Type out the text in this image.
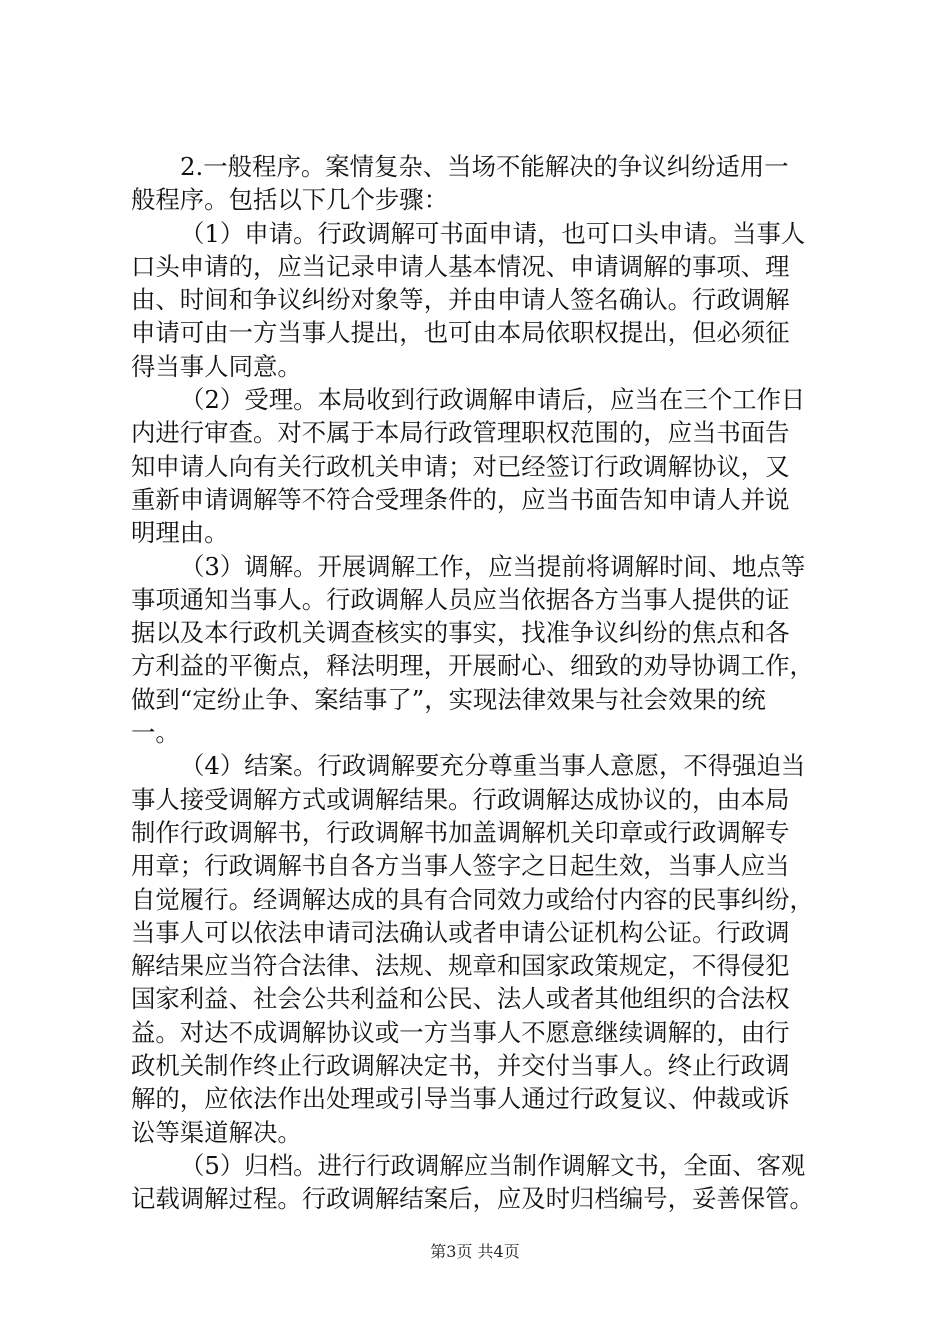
2.一般程序。案情复杂、当场不能解决的争议纠纷适用一
般程序。包括以下几个步骤：
（1）申请。行政调解可书面申请，也可口头申请。当事人
口头申请的，应当记录申请人基本情况、申请调解的事项、理
由、时间和争议纠纷对象等，并由申请人签名确认。行政调解
申请可由一方当事人提出，也可由本局依职权提出，但必须征
得当事人同意。
（2）受理。本局收到行政调解申请后，应当在三个工作日
内进行审查。对不属于本局行政管理职权范围的，应当书面告
知申请人向有关行政机关申请；对已经签订行政调解协议，又
重新申请调解等不符合受理条件的，应当书面告知申请人并说
明理由。
（3）调解。开展调解工作，应当提前将调解时间、地点等
事项通知当事人。行政调解人员应当依据各方当事人提供的证
据以及本行政机关调查核实的事实，找准争议纠纷的焦点和各
方利益的平衡点，释法明理，开展耐心、细致的劝导协调工作，
做到“定纷止争、案结事了”，实现法律效果与社会效果的统
一。
（4）结案。行政调解要充分尊重当事人意愿，不得强迫当
事人接受调解方式或调解结果。行政调解达成协议的，由本局
制作行政调解书，行政调解书加盖调解机关印章或行政调解专
用章；行政调解书自各方当事人签字之日起生效，当事人应当
自觉履行。经调解达成的具有合同效力或给付内容的民事纠纷，
当事人可以依法申请司法确认或者申请公证机构公证。行政调
解结果应当符合法律、法规、规章和国家政策规定，不得侵犯
国家利益、社会公共利益和公民、法人或者其他组织的合法权
益。对达不成调解协议或一方当事人不愿意继续调解的，由行
政机关制作终止行政调解决定书，并交付当事人。终止行政调
解的，应依法作出处理或引导当事人通过行政复议、仲裁或诉
讼等渠道解决。
（5）归档。进行行政调解应当制作调解文书，全面、客观
记载调解过程。行政调解结案后，应及时归档编号，妥善保管。
第3页 共4页
